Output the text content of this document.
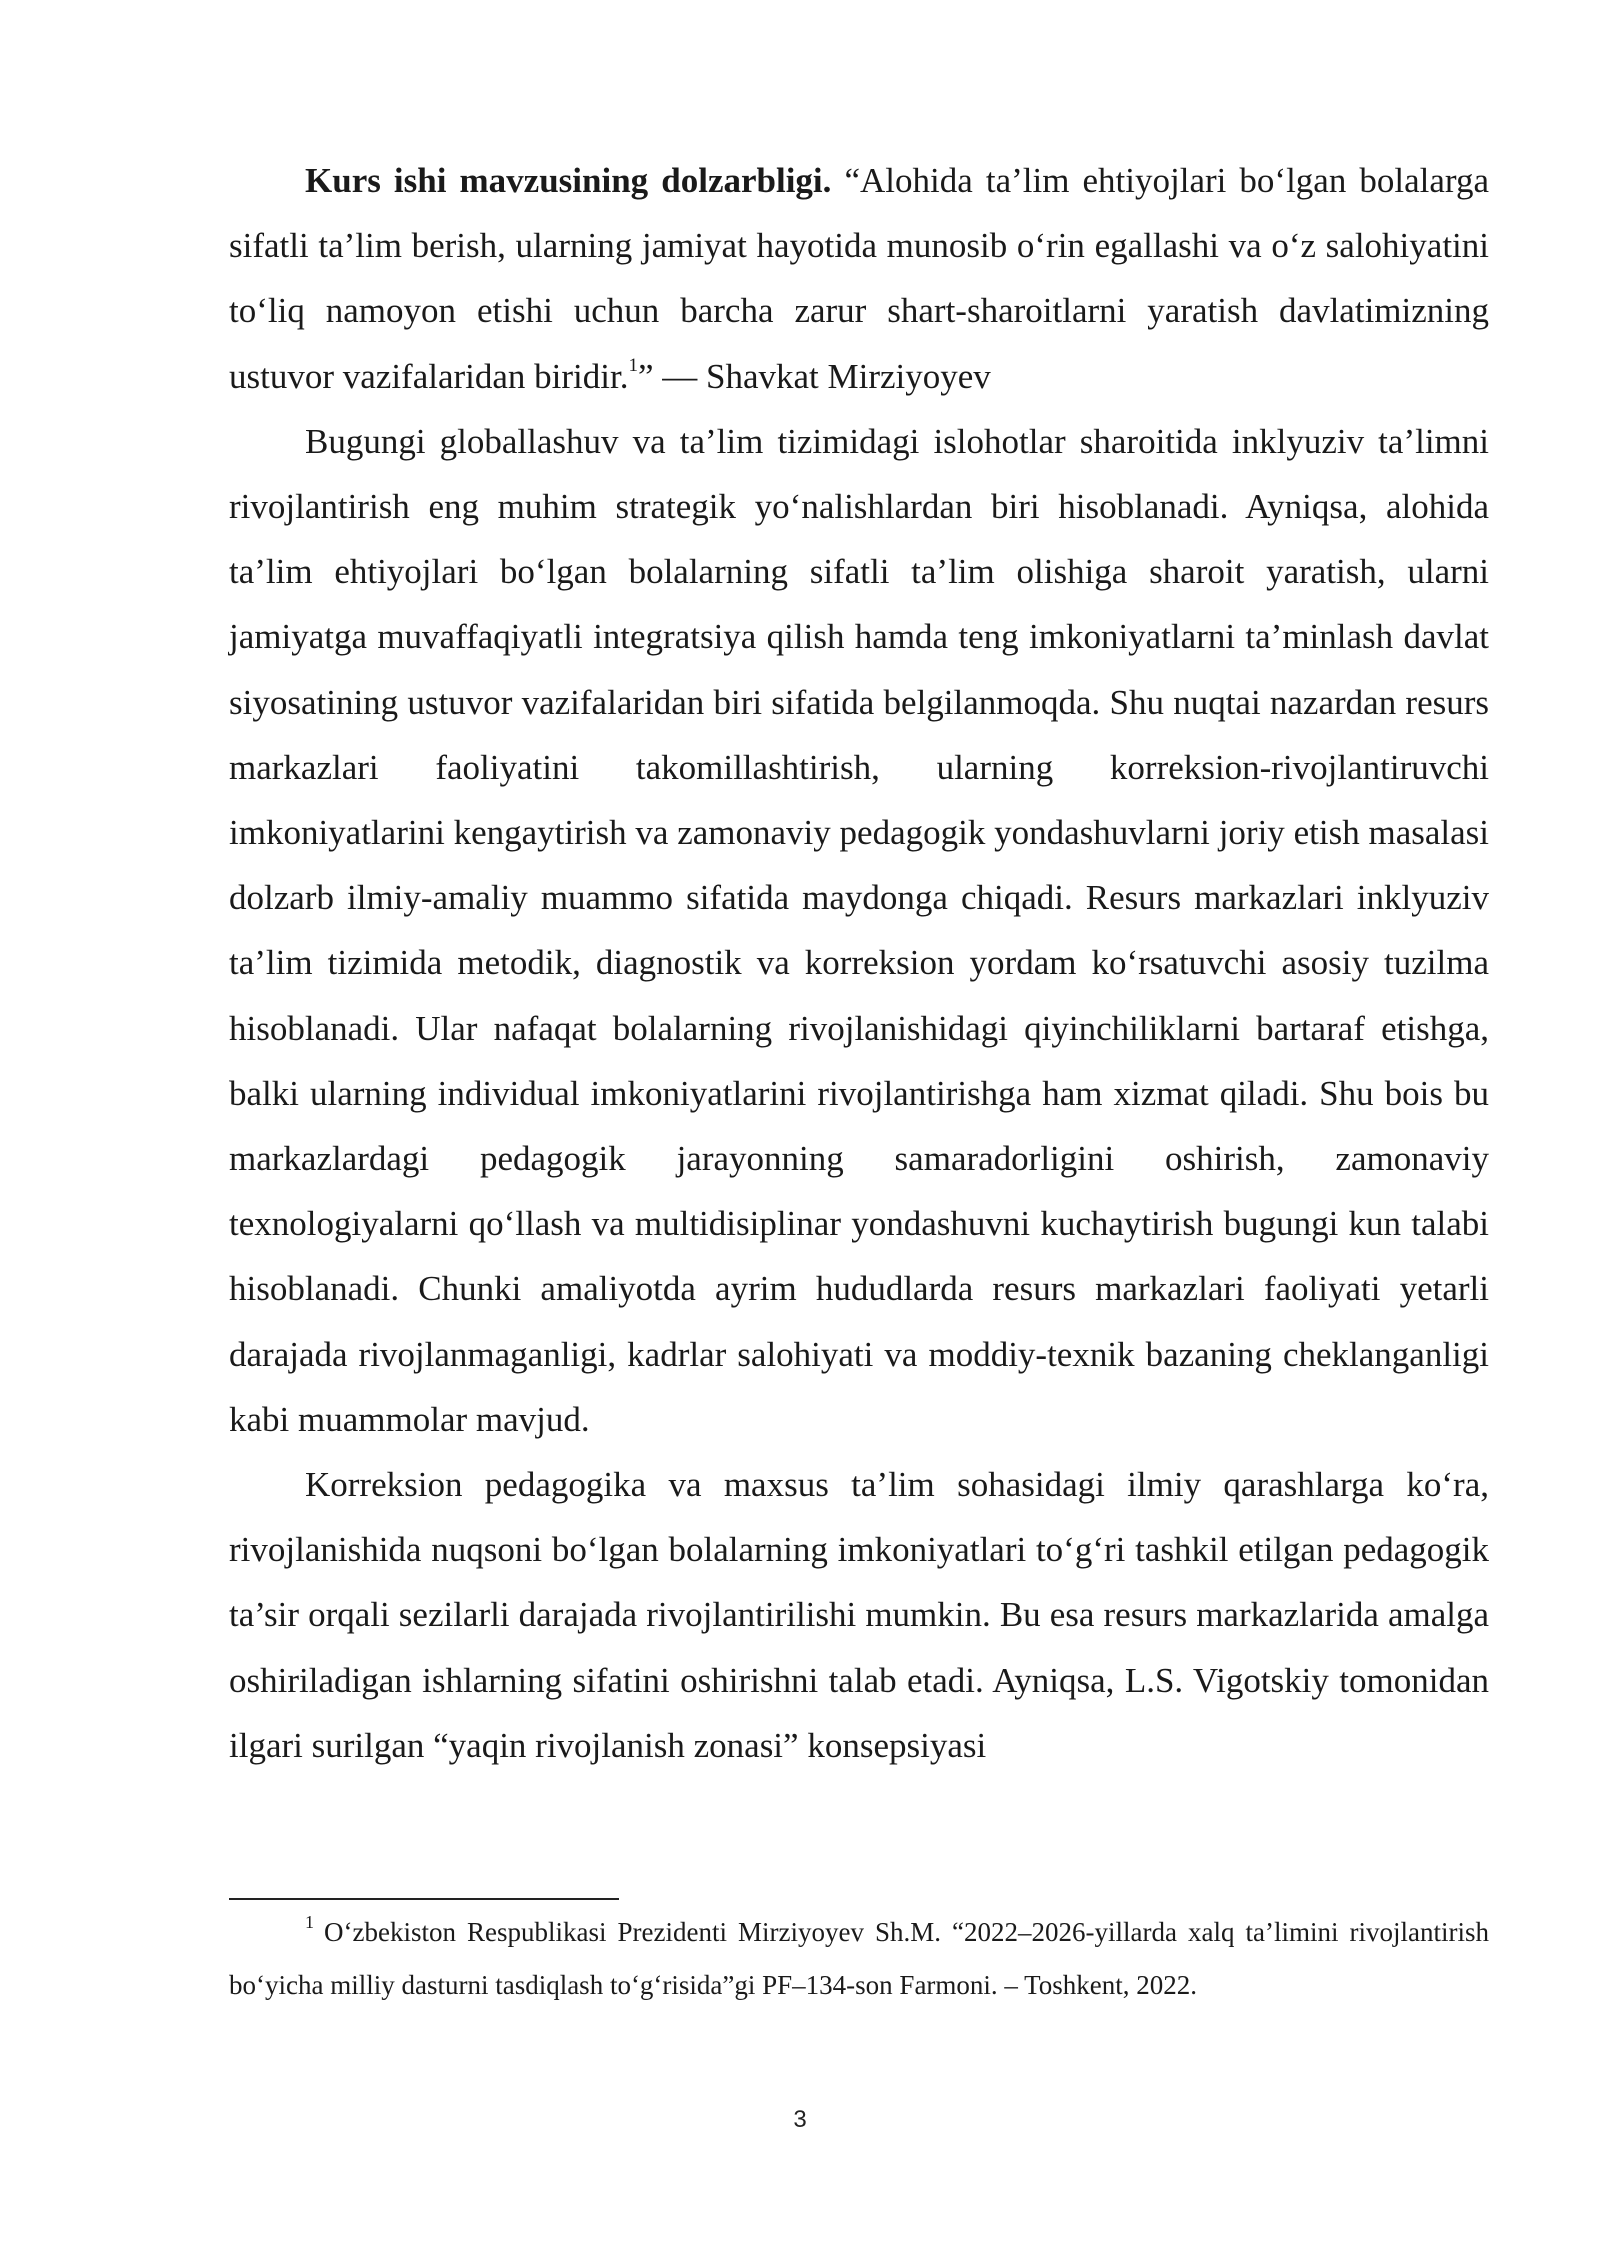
Kurs ishi mavzusining dolzarbligi. “Alohida ta’lim ehtiyojlari bo‘lgan bolalarga sifatli ta’lim berish, ularning jamiyat hayotida munosib o‘rin egallashi va o‘z salohiyatini to‘liq namoyon etishi uchun barcha zarur shart-sharoitlarni yaratish davlatimizning ustuvor vazifalaridan biridir.$^1$” — Shavkat Mirziyoyev

Bugungi globallashuv va ta’lim tizimidagi islohotlar sharoitida inklyuziv ta’limni rivojlantirish eng muhim strategik yo‘nalishlardan biri hisoblanadi. Ayniqsa, alohida ta’lim ehtiyojlari bo‘lgan bolalarning sifatli ta’lim olishiga sharoit yaratish, ularni jamiyatga muvaffaqiyatli integratsiya qilish hamda teng imkoniyatlarni ta’minlash davlat siyosatining ustuvor vazifalaridan biri sifatida belgilanmoqda. Shu nuqtai nazardan resurs markazlari faoliyatini takomillashtirish, ularning korreksion-rivojlantiruvchi imkoniyatlarini kengaytirish va zamonaviy pedagogik yondashuvlarni joriy etish masalasi dolzarb ilmiy-amaliy muammo sifatida maydonga chiqadi. Resurs markazlari inklyuziv ta’lim tizimida metodik, diagnostik va korreksion yordam ko‘rsatuvchi asosiy tuzilma hisoblanadi. Ular nafaqat bolalarning rivojlanishidagi qiyinchiliklarni bartaraf etishga, balki ularning individual imkoniyatlarini rivojlantirishga ham xizmat qiladi. Shu bois bu markazlardagi pedagogik jarayonning samaradorligini oshirish, zamonaviy texnologiyalarni qo‘llash va multidisiplinar yondashuvni kuchaytirish bugungi kun talabi hisoblanadi. Chunki amaliyotda ayrim hududlarda resurs markazlari faoliyati yetarli darajada rivojlanmaganligi, kadrlar salohiyati va moddiy-texnik bazaning cheklanganligi kabi muammolar mavjud.

Korreksion pedagogika va maxsus ta’lim sohasidagi ilmiy qarashlarga ko‘ra, rivojlanishida nuqsoni bo‘lgan bolalarning imkoniyatlari to‘g‘ri tashkil etilgan pedagogik ta’sir orqali sezilarli darajada rivojlantirilishi mumkin. Bu esa resurs markazlarida amalga oshiriladigan ishlarning sifatini oshirishni talab etadi. Ayniqsa, L.S. Vigotskiy tomonidan ilgari surilgan “yaqin rivojlanish zonasi” konsepsiyasi

$^1$ O‘zbekiston Respublikasi Prezidenti Mirziyoyev Sh.M. “2022–2026-yillarda xalq ta’limini rivojlantirish bo‘yicha milliy dasturni tasdiqlash to‘g‘risida”gi PF–134-son Farmoni. – Toshkent, 2022.

3
